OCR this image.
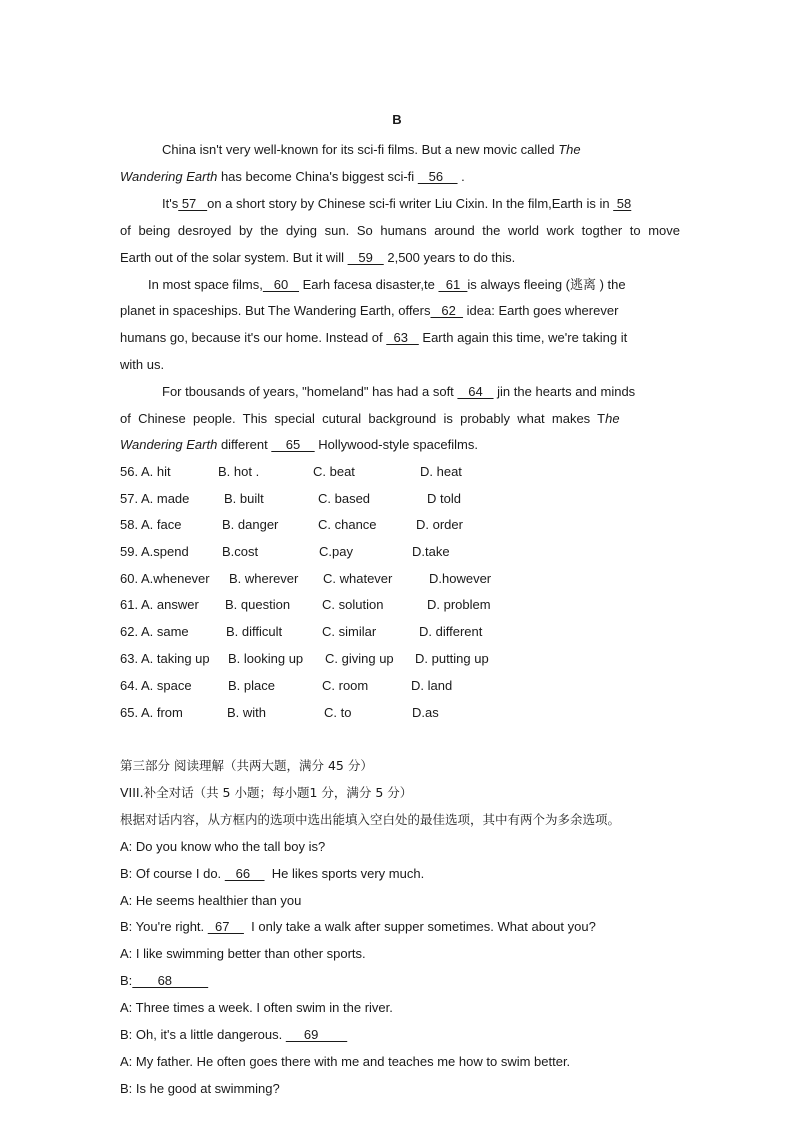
B
China isn't very well-known for its sci-fi films. But a new movic called The
Wandering Earth has become China's biggest sci-fi    56     .
It's 57   on a short story by Chinese sci-fi writer Liu Cixin. In the film,Earth is in  58
of being desroyed by the dying sun. So humans around the world work togther to move
Earth out of the solar system. But it will    59    2,500 years to do this.
In most space films,   60    Earh facesa disaster,te   61  is always fleeing (逃离 ) the
planet in spaceships. But The Wandering Earth, offers   62   idea: Earth goes wherever
humans go, because it's our home. Instead of   63    Earth again this time, we're taking it
with us.
For tbousands of years, "homeland" has had a soft    64    jin the hearts and minds
of  Chinese  people.  This  special  cutural  background  is  probably  what  makes  The
Wandering Earth different     65     Hollywood-style spacefilms.
56. A. hit	B. hot .	C. beat	D. heat
57. A. made	B. built	C. based	D told
58. A. face	B. danger	C. chance	D. order
59. A.spend	B.cost	C.pay	D.take
60. A.whenever B. wherever C. whatever	D.however
61. A. answer B. question C. solution	D. problem
62. A. same	B. difficult	C. similar	D. different
63. A. taking up B. looking up C. giving up D. putting up
64. A. space	B. place	C. room	D. land
65. A. from	B. with	C. to	D.as
第三部分 阅读理解（共两大题，满分 45 分）
VIII.补全对话（共 5 小题；每小题1 分，满分 5 分）
根据对话内容，从方框内的选项中选出能填入空白处的最佳选项，其中有两个为多余选项。
A: Do you know who the tall boy is?
B: Of course I do.    66      He likes sports very much.
A: He seems healthier than you
B: You're right.   67      I only take a walk after supper sometimes. What about you?
A: I like swimming better than other sports.
B:       68
A: Three times a week. I often swim in the river.
B: Oh, it's a little dangerous.      69
A: My father. He often goes there with me and teaches me how to swim better.
B: Is he good at swimming?
